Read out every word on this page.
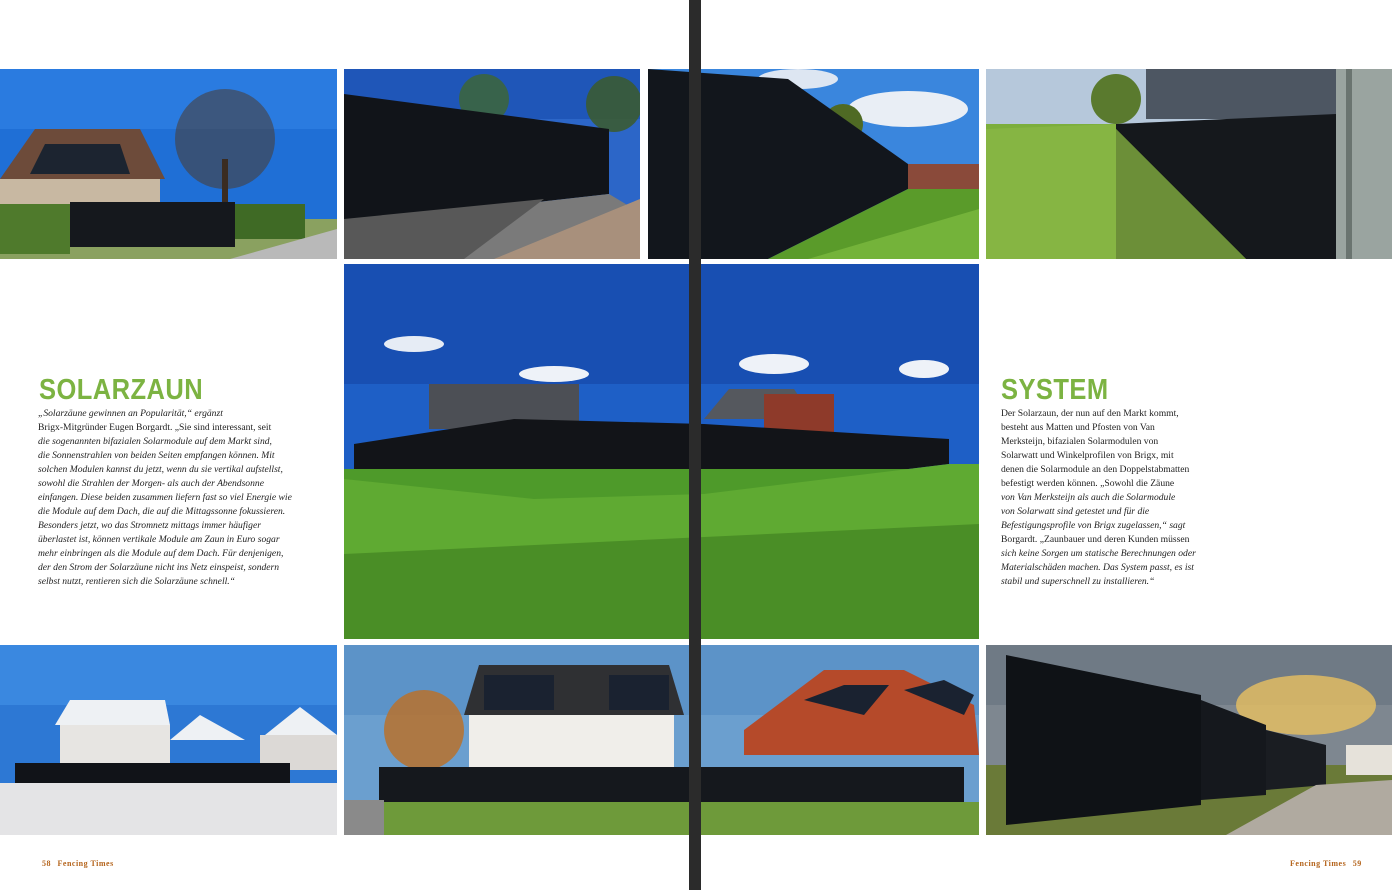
SOLARZAUN

„Solarzäune gewinnen an Popularität,“ ergänzt

Brigx-Mitgründer Eugen Borgardt. „Sie sind interessant, seit

die sogenannten bifazialen Solarmodule auf dem Markt sind,

die Sonnenstrahlen von beiden Seiten empfangen können. Mit

solchen Modulen kannst du jetzt, wenn du sie vertikal aufstellst,

sowohl die Strahlen der Morgen- als auch der Abendsonne

einfangen. Diese beiden zusammen liefern fast so viel Energie wie

die Module auf dem Dach, die auf die Mittagssonne fokussieren.

Besonders jetzt, wo das Stromnetz mittags immer häufiger

überlastet ist, können vertikale Module am Zaun in Euro sogar

mehr einbringen als die Module auf dem Dach. Für denjenigen,

der den Strom der Solarzäune nicht ins Netz einspeist, sondern

selbst nutzt, rentieren sich die Solarzäune schnell.“

SYSTEM

Der Solarzaun, der nun auf den Markt kommt,

besteht aus Matten und Pfosten von Van

Merksteijn, bifazialen Solarmodulen von

Solarwatt und Winkelprofilen von Brigx, mit

denen die Solarmodule an den Doppelstabmatten

befestigt werden können. „Sowohl die Zäune

von Van Merksteijn als auch die Solarmodule

von Solarwatt sind getestet und für die

Befestigungsprofile von Brigx zugelassen,“ sagt

Borgardt. „Zaunbauer und deren Kunden müssen

sich keine Sorgen um statische Berechnungen oder

Materialschäden machen. Das System passt, es ist

stabil und superschnell zu installieren.“

58 Fencing Times	Fencing Times 59
